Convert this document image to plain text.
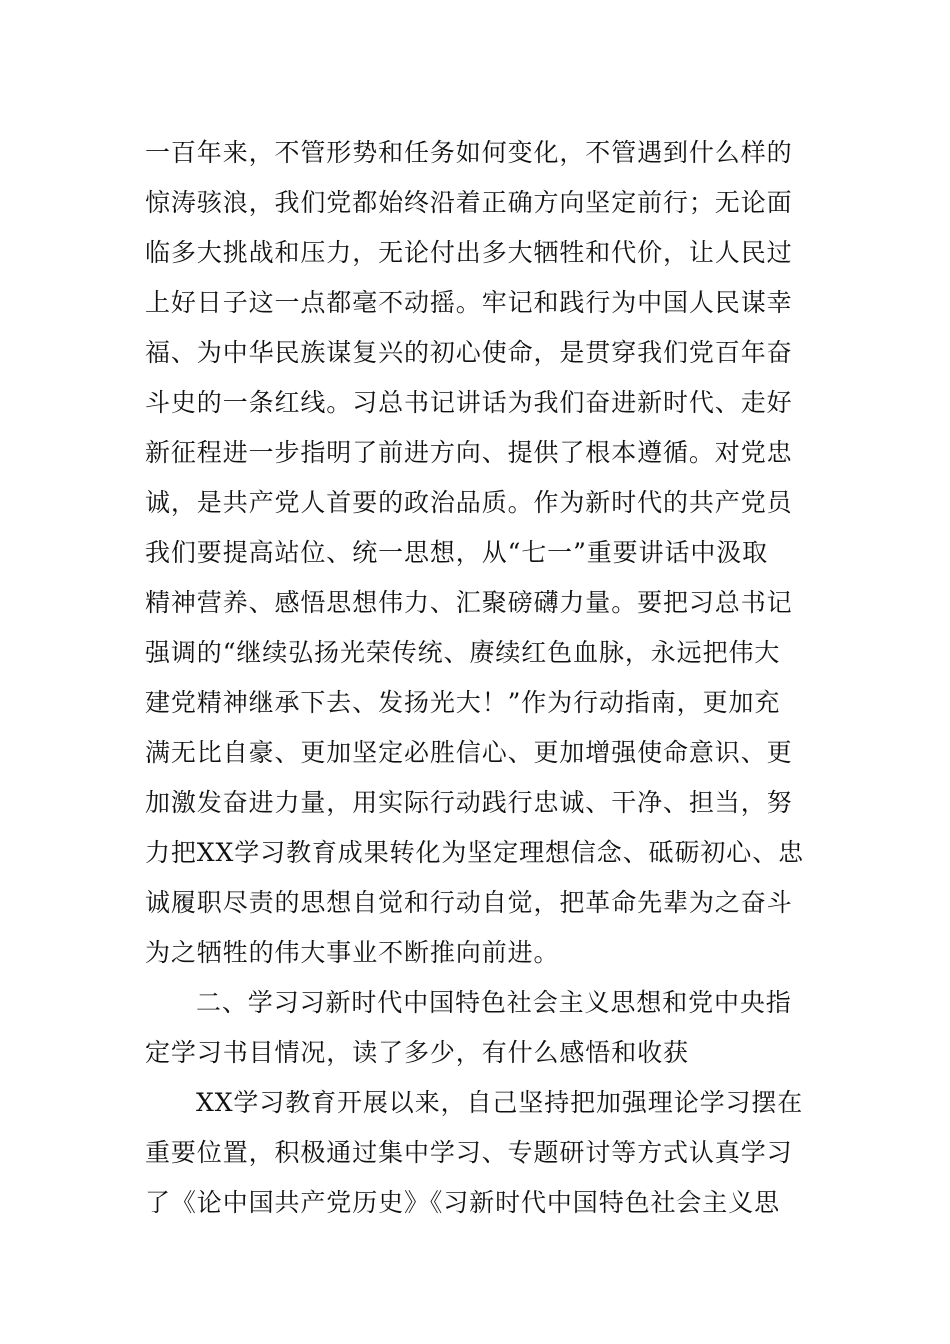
一百年来，不管形势和任务如何变化，不管遇到什么样的
惊涛骇浪，我们党都始终沿着正确方向坚定前行；无论面
临多大挑战和压力，无论付出多大牺牲和代价，让人民过
上好日子这一点都毫不动摇。牢记和践行为中国人民谋幸
福、为中华民族谋复兴的初心使命，是贯穿我们党百年奋
斗史的一条红线。习总书记讲话为我们奋进新时代、走好
新征程进一步指明了前进方向、提供了根本遵循。对党忠
诚，是共产党人首要的政治品质。作为新时代的共产党员
我们要提高站位、统一思想，从“七一”重要讲话中汲取
精神营养、感悟思想伟力、汇聚磅礴力量。要把习总书记
强调的“继续弘扬光荣传统、赓续红色血脉，永远把伟大
建党精神继承下去、发扬光大！”作为行动指南，更加充
满无比自豪、更加坚定必胜信心、更加增强使命意识、更
加激发奋进力量，用实际行动践行忠诚、干净、担当，努
力把XX学习教育成果转化为坚定理想信念、砥砺初心、忠
诚履职尽责的思想自觉和行动自觉，把革命先辈为之奋斗
为之牺牲的伟大事业不断推向前进。
二、学习习新时代中国特色社会主义思想和党中央指
定学习书目情况，读了多少，有什么感悟和收获
XX学习教育开展以来，自己坚持把加强理论学习摆在
重要位置，积极通过集中学习、专题研讨等方式认真学习
了《论中国共产党历史》《习新时代中国特色社会主义思
